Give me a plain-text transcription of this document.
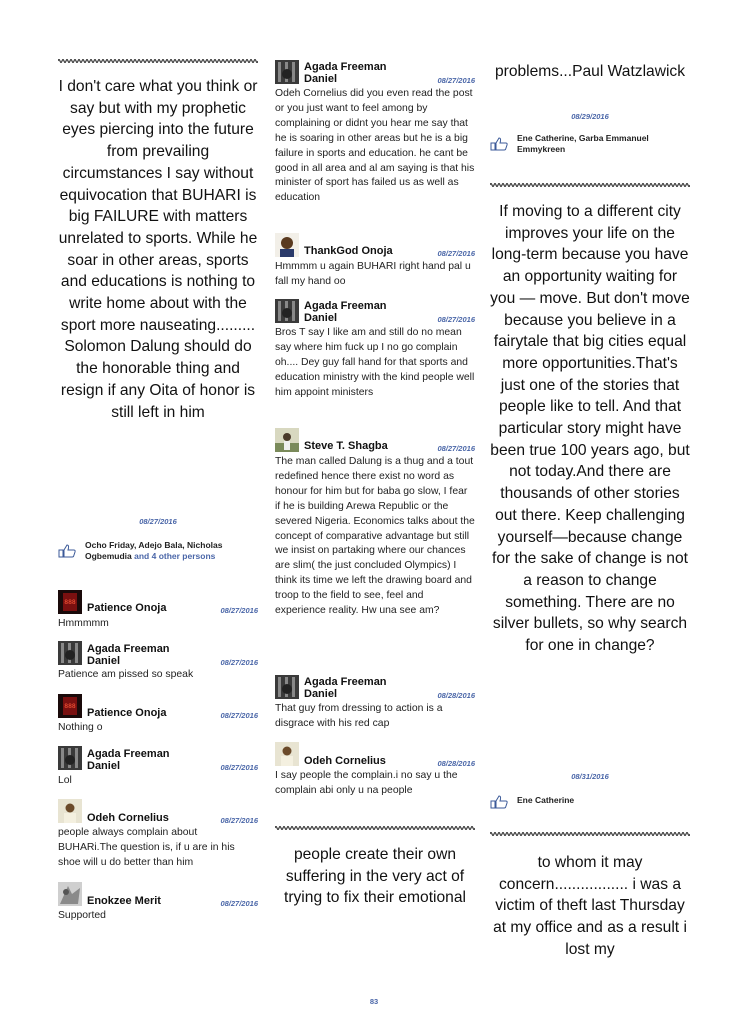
I don't care what you think or say but with my prophetic eyes piercing into the future from prevailing circumstances I say without equivocation that BUHARI is big FAILURE with matters unrelated to sports. While he soar in other areas, sports and educations is nothing to write home about with the sport more nauseating......... Solomon Dalung should do the honorable thing and resign if any Oita of honor is still left in him
08/27/2016
Ocho Friday, Adejo Bala, Nicholas Ogbemudia and 4 other persons
888 Patience Onoja	08/27/2016
Hmmmmm
Agada Freeman
Daniel	08/27/2016
Patience am pissed so speak
888
Patience Onoja	08/27/2016
Nothing o
Agada Freeman
Daniel	08/27/2016
Lol
Odeh Cornelius	08/27/2016
people always complain about BUHARi.The question is, if u are in his shoe will u do better than him
Enokzee Merit	08/27/2016
Supported
Agada Freeman
Daniel	08/27/2016
Odeh Cornelius did you even read the post or you just want to feel among by complaining or didnt you hear me say that he is soaring in other areas but he is a big failure in sports and education. he cant be good in all area and al am saying is that his minister of sport has failed us as well as education
ThankGod Onoja	08/27/2016
Hmmmm u again BUHARI right hand pal u fall my hand oo
Agada Freeman
Daniel	08/27/2016
Bros T say I like am and still do no mean say where him fuck up I no go complain oh.... Dey guy fall hand for that sports and education ministry with the kind people well him appoint ministers
Steve T. Shagba	08/27/2016
The man called Dalung is a thug and a tout redefined hence there exist no word as honour for him but for baba go slow, I fear if he is building Arewa Republic or the severed Nigeria. Economics talks about the concept of comparative advantage but still we insist on partaking where our chances are slim( the just concluded Olympics) I think its time we left the drawing board and troop to the field to see, feel and experience reality. Hw una see am?
Agada Freeman
Daniel	08/28/2016
That guy from dressing to action is a disgrace with his red cap
Odeh Cornelius	08/28/2016
I say people the complain.i no say u the complain abi only u na people
people create their own suffering in the very act of trying to fix their emotional
problems...Paul Watzlawick
08/29/2016
Ene Catherine, Garba Emmanuel Emmykreen
If moving to a different city improves your life on the long-term because you have an opportunity waiting for you — move. But don't move because you believe in a fairytale that big cities equal more opportunities.That's just one of the stories that people like to tell. And that particular story might have been true 100 years ago, but not today.And there are thousands of other stories out there. Keep challenging yourself—because change for the sake of change is not a reason to change something. There are no silver bullets, so why search for one in change?
08/31/2016
Ene Catherine
to whom it may concern................. i was a victim of theft last Thursday at my office and as a result i lost my
83
